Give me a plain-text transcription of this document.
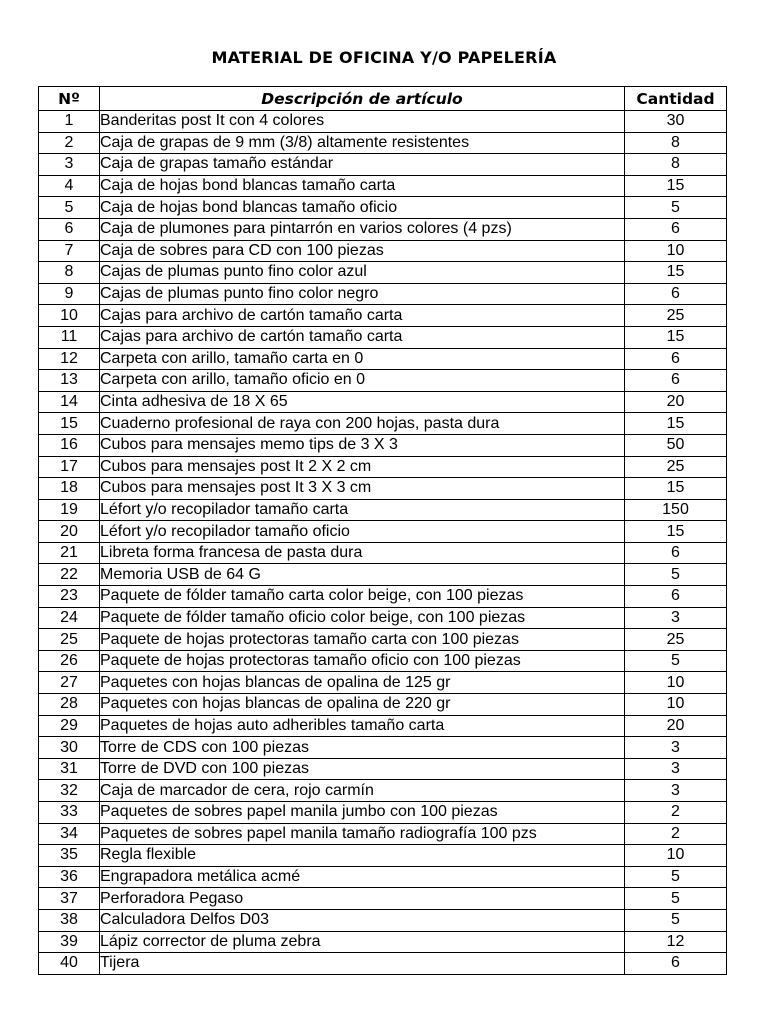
MATERIAL DE OFICINA Y/O PAPELERÍA
Nº	Descripción de artículo	Cantidad
1	Banderitas post It con 4 colores	30
2	Caja de grapas de 9 mm (3/8) altamente resistentes	8
3	Caja de grapas tamaño estándar	8
4	Caja de hojas bond blancas tamaño carta	15
5	Caja de hojas bond blancas tamaño oficio	5
6	Caja de plumones para pintarrón en varios colores (4 pzs)	6
7	Caja de sobres para CD con 100 piezas	10
8	Cajas de plumas punto fino color azul	15
9	Cajas de plumas punto fino color negro	6
10	Cajas para archivo de cartón tamaño carta	25
11	Cajas para archivo de cartón tamaño carta	15
12	Carpeta con arillo, tamaño carta en 0	6
13	Carpeta con arillo, tamaño oficio en 0	6
14	Cinta adhesiva de 18 X 65	20
15	Cuaderno profesional de raya con 200 hojas, pasta dura	15
16	Cubos para mensajes memo tips de 3 X 3	50
17	Cubos para mensajes post It 2 X 2 cm	25
18	Cubos para mensajes post It 3 X 3 cm	15
19	Léfort y/o recopilador tamaño carta	150
20	Léfort y/o recopilador tamaño oficio	15
21	Libreta forma francesa de pasta dura	6
22	Memoria USB de 64 G	5
23	Paquete de fólder tamaño carta color beige, con 100 piezas	6
24	Paquete de fólder tamaño oficio color beige, con 100 piezas	3
25	Paquete de hojas protectoras tamaño carta con 100 piezas	25
26	Paquete de hojas protectoras tamaño oficio con 100 piezas	5
27	Paquetes con hojas blancas de opalina de 125 gr	10
28	Paquetes con hojas blancas de opalina de 220 gr	10
29	Paquetes de hojas auto adheribles tamaño carta	20
30	Torre de CDS con 100 piezas	3
31	Torre de DVD con 100 piezas	3
32	Caja de marcador de cera, rojo carmín	3
33	Paquetes de sobres papel manila jumbo con 100 piezas	2
34	Paquetes de sobres papel manila tamaño radiografía 100 pzs	2
35	Regla flexible	10
36	Engrapadora metálica acmé	5
37	Perforadora Pegaso	5
38	Calculadora Delfos D03	5
39	Lápiz corrector de pluma zebra	12
40	Tijera	6
